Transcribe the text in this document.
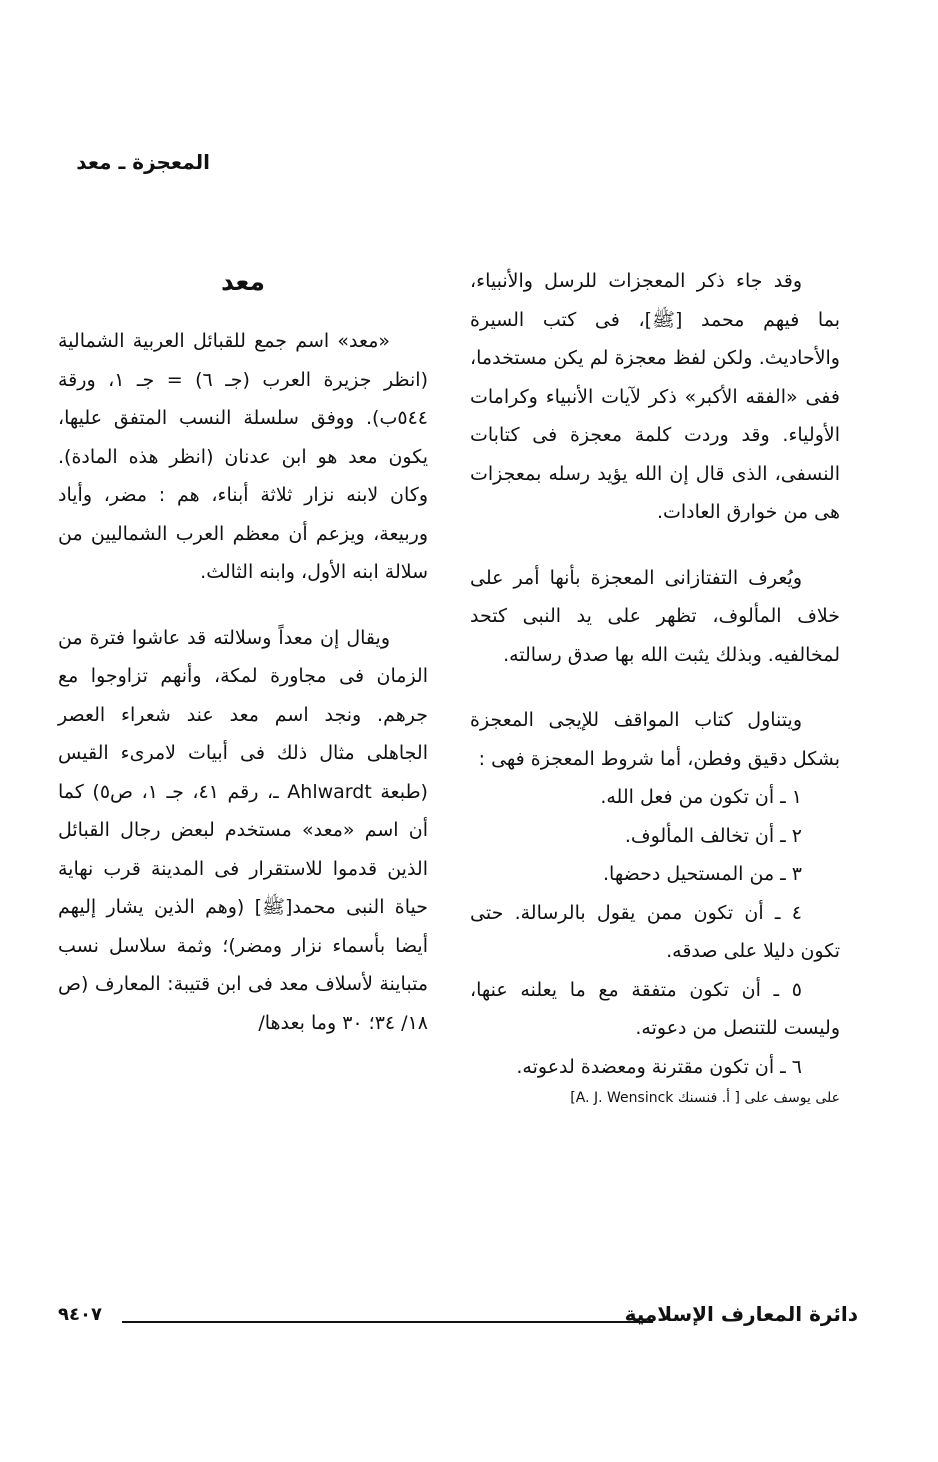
المعجزة ـ معد

وقد جاء ذكر المعجزات للرسل والأنبياء، بما فيهم محمد [ﷺ]، فى كتب السيرة والأحاديث. ولكن لفظ معجزة لم يكن مستخدما، ففى «الفقه الأكبر» ذكر لآيات الأنبياء وكرامات الأولياء. وقد وردت كلمة معجزة فى كتابات النسفى، الذى قال إن الله يؤيد رسله بمعجزات هى من خوارق العادات.

ويُعرف التفتازانى المعجزة بأنها أمر على خلاف المألوف، تظهر على يد النبى كتحد لمخالفيه. وبذلك يثبت الله بها صدق رسالته.

ويتناول كتاب المواقف للإيجى المعجزة بشكل دقيق وفطن، أما شروط المعجزة فهى :

١ ـ أن تكون من فعل الله.
٢ ـ أن تخالف المألوف.
٣ ـ من المستحيل دحضها.
٤ ـ أن تكون ممن يقول بالرسالة. حتى تكون دليلا على صدقه.
٥ ـ أن تكون متفقة مع ما يعلنه عنها، وليست للتنصل من دعوته.
٦ ـ أن تكون مقترنة ومعضدة لدعوته.

على يوسف على [ أ. فنسنك A. J. Wensinck]

معد

«معد» اسم جمع للقبائل العربية الشمالية (انظر جزيرة العرب (جـ ٦) = جـ ١، ورقة ٥٤٤ب). ووفق سلسلة النسب المتفق عليها، يكون معد هو ابن عدنان (انظر هذه المادة). وكان لابنه نزار ثلاثة أبناء، هم : مضر، وأياد وربيعة، ويزعم أن معظم العرب الشماليين من سلالة ابنه الأول، وابنه الثالث.

ويقال إن معداً وسلالته قد عاشوا فترة من الزمان فى مجاورة لمكة، وأنهم تزاوجوا مع جرهم. ونجد اسم معد عند شعراء العصر الجاهلى مثال ذلك فى أبيات لامرىء القيس (طبعة Ahlwardt ـ، رقم ٤١، جـ ١، ص٥) كما أن اسم «معد» مستخدم لبعض رجال القبائل الذين قدموا للاستقرار فى المدينة قرب نهاية حياة النبى محمد[ﷺ] (وهم الذين يشار إليهم أيضا بأسماء نزار ومضر)؛ وثمة سلاسل نسب متباينة لأسلاف معد فى ابن قتيبة: المعارف (ص ١٨/ ٣٤؛ ٣٠ وما بعدها/

دائرة المعارف الإسلامية
٩٤٠٧
